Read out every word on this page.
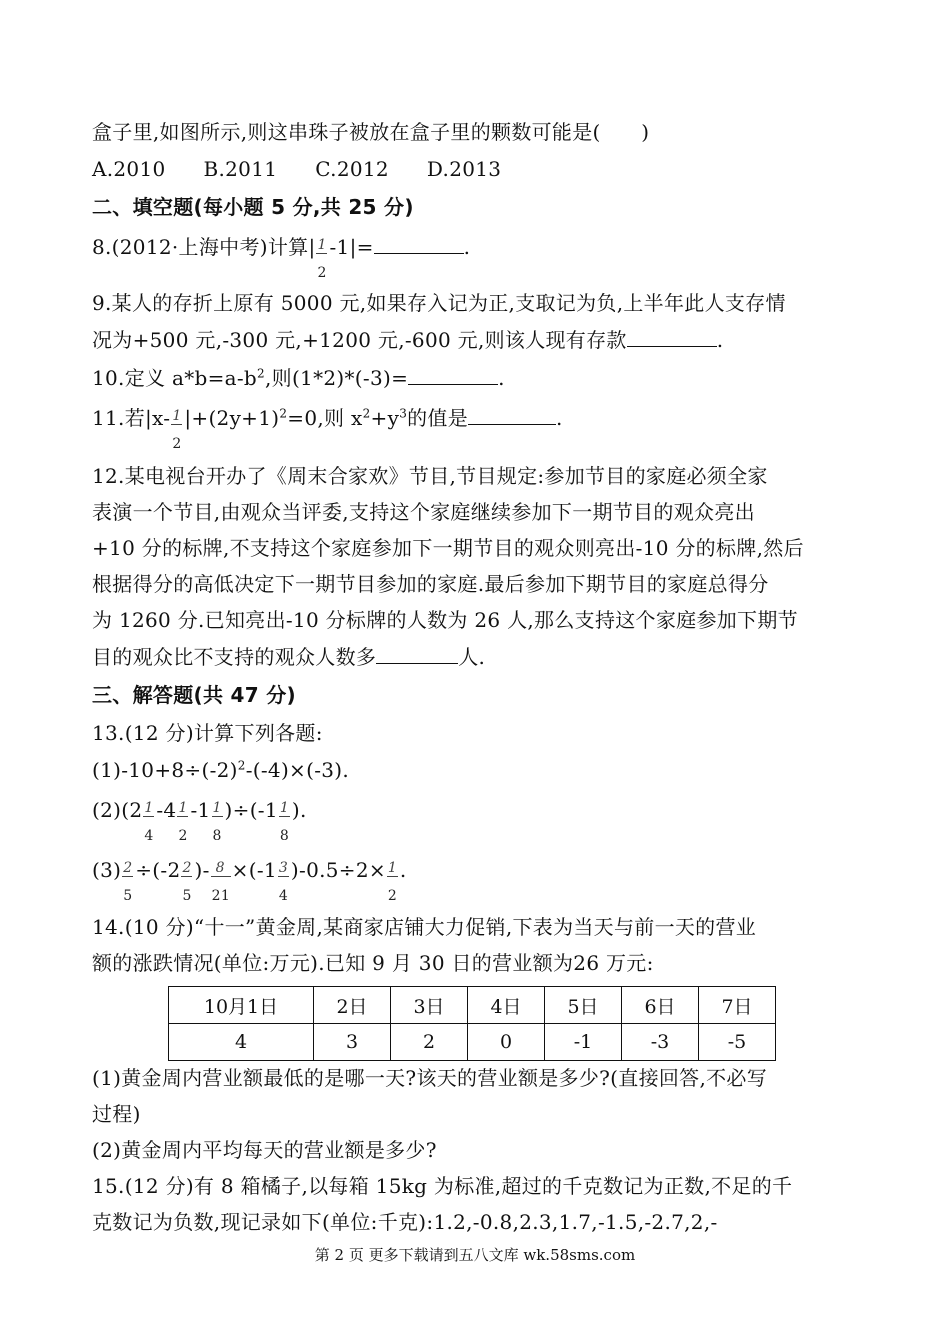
盒子里,如图所示,则这串珠子被放在盒子里的颗数可能是(　　)
A.2010 B.2011 C.2012 D.2013
二、填空题(每小题 5 分,共 25 分)
8.(2012·上海中考)计算| $\frac{1}{2} -1|=$	.
9.某人的存折上原有 5000 元,如果存入记为正,支取记为负,上半年此人支存情
况为+500 元,-300 元,+1200 元,-600 元,则该人现有存款	.
10.定义 $a*b=a-b^2$,则(1*2)*(-3)=	.
11.若$|x- \frac{1}{2} |+(2y+1)^2=0$,则 $x^2+y^3$的值是	.
12.某电视台开办了《周末合家欢》节目,节目规定:参加节目的家庭必须全家
表演一个节目,由观众当评委,支持这个家庭继续参加下一期节目的观众亮出
+10 分的标牌,不支持这个家庭参加下一期节目的观众则亮出-10 分的标牌,然后
根据得分的高低决定下一期节目参加的家庭.最后参加下期节目的家庭总得分
为 1260 分.已知亮出-10 分标牌的人数为 26 人,那么支持这个家庭参加下期节
目的观众比不支持的观众人数多	人.
三、解答题(共 47 分)
13.(12 分)计算下列各题:
$(1)-10+8\div(-2)^2-(-4)\times(-3)$.
$(2)(2 \frac{1}{4} -4 \frac{1}{2} -1 \frac{1}{8} )\div(-1 \frac{1}{8}$ ).
$(3) \frac{2}{5} \div(-2 \frac{2}{5}$ )- $\frac{8}{21} \times(-1 \frac{3}{4} )-0.5\div 2\times \frac{1}{2}$ .
14.(10 分)“十一”黄金周,某商家店铺大力促销,下表为当天与前一天的营业
额的涨跌情况(单位:万元).已知 9 月 30 日的营业额为26 万元:
10月1日	2日	3日	4日	5日	6日	7日
4	3	2	0	-1	-3	-5
(1)黄金周内营业额最低的是哪一天?该天的营业额是多少?(直接回答,不必写
过程)
(2)黄金周内平均每天的营业额是多少?
15.(12 分)有 8 箱橘子,以每箱 15kg 为标准,超过的千克数记为正数,不足的千
克数记为负数,现记录如下(单位:千克):1.2,-0.8,2.3,1.7,-1.5,-2.7,2,-
第 2 页 更多下载请到五八文库 wk.58sms.com
